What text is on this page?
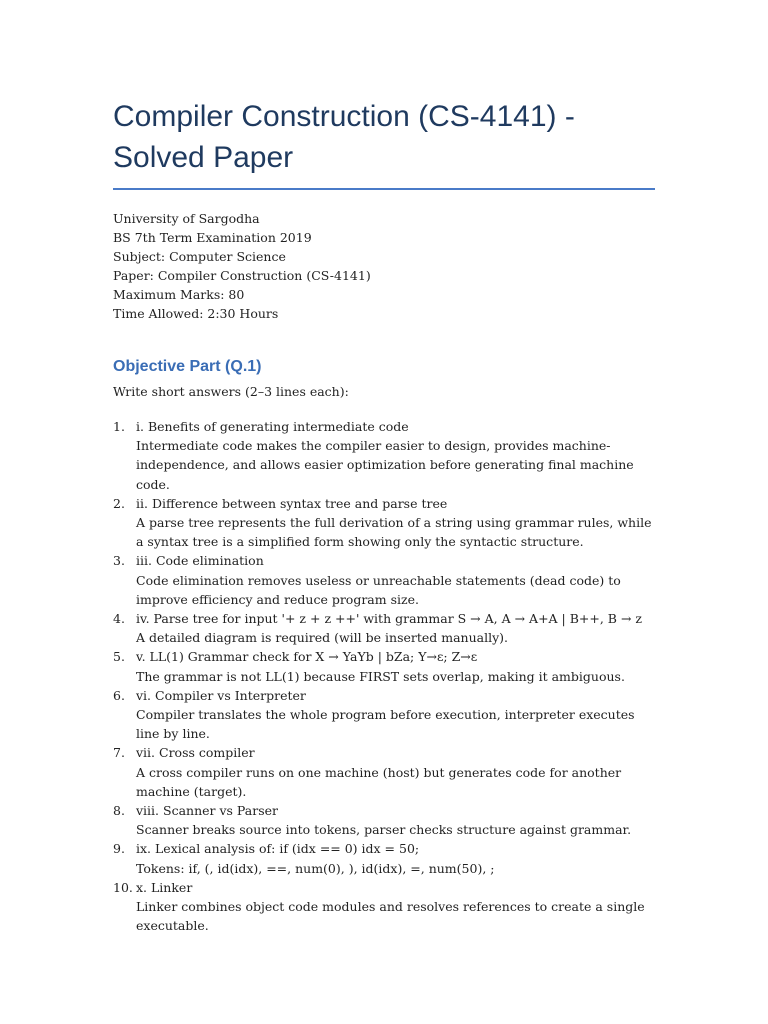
Compiler Construction (CS-4141) - Solved Paper
University of Sargodha
BS 7th Term Examination 2019
Subject: Computer Science
Paper: Compiler Construction (CS-4141)
Maximum Marks: 80
Time Allowed: 2:30 Hours
Objective Part (Q.1)
Write short answers (2–3 lines each):
1. i. Benefits of generating intermediate code
Intermediate code makes the compiler easier to design, provides machine-independence, and allows easier optimization before generating final machine code.
2. ii. Difference between syntax tree and parse tree
A parse tree represents the full derivation of a string using grammar rules, while a syntax tree is a simplified form showing only the syntactic structure.
3. iii. Code elimination
Code elimination removes useless or unreachable statements (dead code) to improve efficiency and reduce program size.
4. iv. Parse tree for input '+ z + z ++' with grammar S → A, A → A+A | B++, B → z
A detailed diagram is required (will be inserted manually).
5. v. LL(1) Grammar check for X → YaYb | bZa; Y→ε; Z→ε
The grammar is not LL(1) because FIRST sets overlap, making it ambiguous.
6. vi. Compiler vs Interpreter
Compiler translates the whole program before execution, interpreter executes line by line.
7. vii. Cross compiler
A cross compiler runs on one machine (host) but generates code for another machine (target).
8. viii. Scanner vs Parser
Scanner breaks source into tokens, parser checks structure against grammar.
9. ix. Lexical analysis of: if (idx == 0) idx = 50;
Tokens: if, (, id(idx), ==, num(0), ), id(idx), =, num(50), ;
10. x. Linker
Linker combines object code modules and resolves references to create a single executable.
